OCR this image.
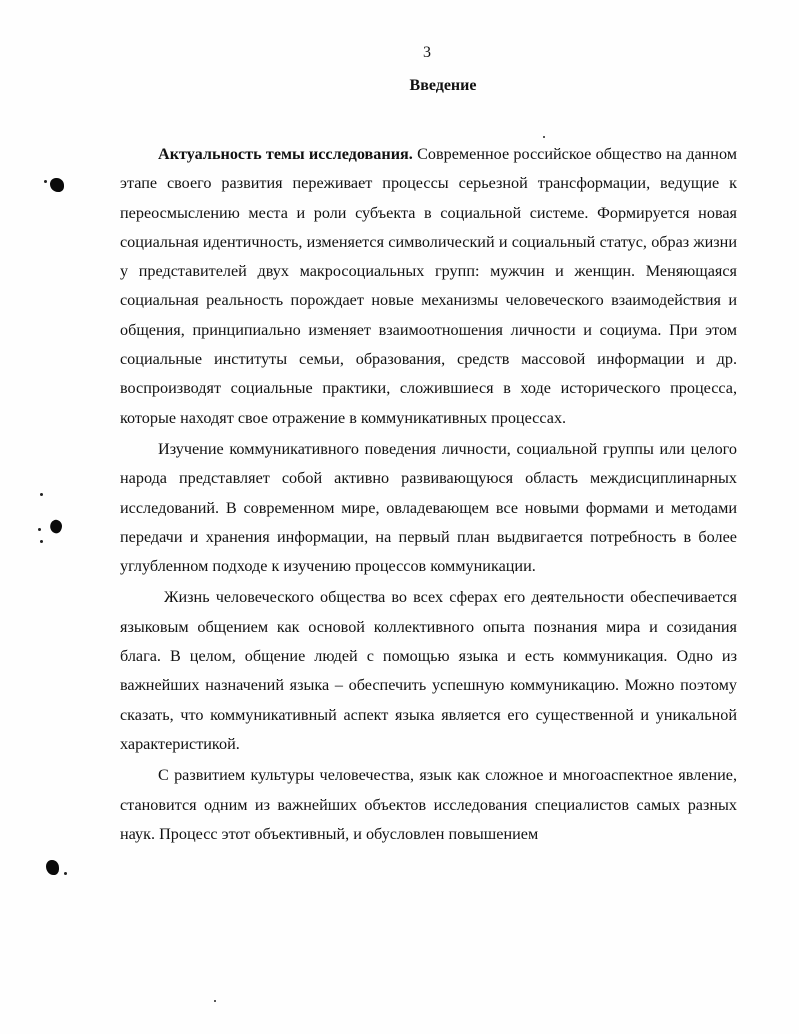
3
Введение

Актуальность темы исследования. Современное российское общество на данном этапе своего развития переживает процессы серьезной трансформации, ведущие к переосмыслению места и роли субъекта в социальной системе. Формируется новая социальная идентичность, изменяется символический и социальный статус, образ жизни у представителей двух макросоциальных групп: мужчин и женщин. Меняющаяся социальная реальность порождает новые механизмы человеческого взаимодействия и общения, принципиально изменяет взаимоотношения личности и социума. При этом социальные институты семьи, образования, средств массовой информации и др. воспроизводят социальные практики, сложившиеся в ходе исторического процесса, которые находят свое отражение в коммуникативных процессах.

Изучение коммуникативного поведения личности, социальной группы или целого народа представляет собой активно развивающуюся область междисциплинарных исследований. В современном мире, овладевающем все новыми формами и методами передачи и хранения информации, на первый план выдвигается потребность в более углубленном подходе к изучению процессов коммуникации.

Жизнь человеческого общества во всех сферах его деятельности обеспечивается языковым общением как основой коллективного опыта познания мира и созидания блага. В целом, общение людей с помощью языка и есть коммуникация. Одно из важнейших назначений языка – обеспечить успешную коммуникацию. Можно поэтому сказать, что коммуникативный аспект языка является его существенной и уникальной характеристикой.

С развитием культуры человечества, язык как сложное и многоаспектное явление, становится одним из важнейших объектов исследования специалистов самых разных наук. Процесс этот объективный, и обусловлен повышением
